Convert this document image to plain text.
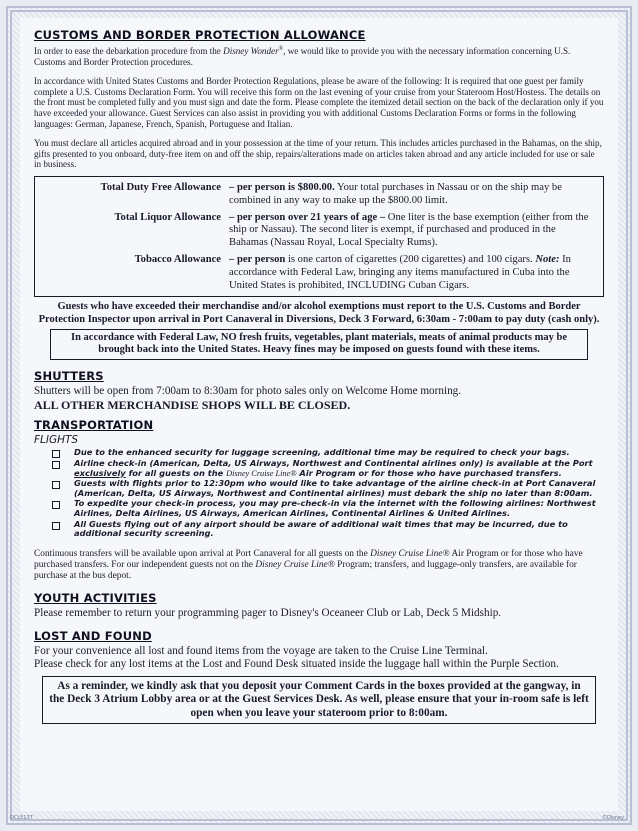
CUSTOMS AND BORDER PROTECTION ALLOWANCE

In order to ease the debarkation procedure from the Disney Wonder®, we would like to provide you with the necessary information concerning U.S. Customs and Border Protection procedures.

In accordance with United States Customs and Border Protection Regulations, please be aware of the following: It is required that one guest per family complete a U.S. Customs Declaration Form. You will receive this form on the last evening of your cruise from your Stateroom Host/Hostess. The details on the front must be completed fully and you must sign and date the form. Please complete the itemized detail section on the back of the declaration only if you have exceeded your allowance. Guest Services can also assist in providing you with additional Customs Declaration Forms or forms in the following languages: German, Japanese, French, Spanish, Portuguese and Italian.

You must declare all articles acquired abroad and in your possession at the time of your return. This includes articles purchased in the Bahamas, on the ship, gifts presented to you onboard, duty-free item on and off the ship, repairs/alterations made on articles taken abroad and any article included for use or sale in business.

Total Duty Free Allowance – per person is $800.00. Your total purchases in Nassau or on the ship may be combined in any way to make up the $800.00 limit.
Total Liquor Allowance – per person over 21 years of age – One liter is the base exemption (either from the ship or Nassau). The second liter is exempt, if purchased and produced in the Bahamas (Nassau Royal, Local Specialty Rums).
Tobacco Allowance – per person is one carton of cigarettes (200 cigarettes) and 100 cigars. Note: In accordance with Federal Law, bringing any items manufactured in Cuba into the United States is prohibited, INCLUDING Cuban Cigars.

Guests who have exceeded their merchandise and/or alcohol exemptions must report to the U.S. Customs and Border Protection Inspector upon arrival in Port Canaveral in Diversions, Deck 3 Forward, 6:30am - 7:00am to pay duty (cash only).

In accordance with Federal Law, NO fresh fruits, vegetables, plant materials, meats of animal products may be brought back into the United States. Heavy fines may be imposed on guests found with these items.
SHUTTERS

Shutters will be open from 7:00am to 8:30am for photo sales only on Welcome Home morning.

ALL OTHER MERCHANDISE SHOPS WILL BE CLOSED.

TRANSPORTATION
FLIGHTS
Due to the enhanced security for luggage screening, additional time may be required to check your bags.
Airline check-in (American, Delta, US Airways, Northwest and Continental airlines only) is available at the Port exclusively for all guests on the Disney Cruise Line® Air Program or for those who have purchased transfers.
Guests with flights prior to 12:30pm who would like to take advantage of the airline check-in at Port Canaveral (American, Delta, US Airways, Northwest and Continental airlines) must debark the ship no later than 8:00am.
To expedite your check-in process, you may pre-check-in via the internet with the following airlines: Northwest Airlines, Delta Airlines, US Airways, American Airlines, Continental Airlines & United Airlines.
All Guests flying out of any airport should be aware of additional wait times that may be incurred, due to additional security screening.

Continuous transfers will be available upon arrival at Port Canaveral for all guests on the Disney Cruise Line® Air Program or for those who have purchased transfers. For our independent guests not on the Disney Cruise Line® Program; transfers, and luggage-only transfers, are available for purchase at the bus depot.

YOUTH ACTIVITIES

Please remember to return your programming pager to Disney's Oceaneer Club or Lab, Deck 5 Midship.

LOST AND FOUND

For your convenience all lost and found items from the voyage are taken to the Cruise Line Terminal.

Please check for any lost items at the Lost and Found Desk situated inside the luggage hall within the Purple Section.

As a reminder, we kindly ask that you deposit your Comment Cards in the boxes provided at the gangway, in the Deck 3 Atrium Lobby area or at the Guest Services Desk. As well, please ensure that your in-room safe is left open when you leave your stateroom prior to 8:00am.
DCL5137	©Disney
